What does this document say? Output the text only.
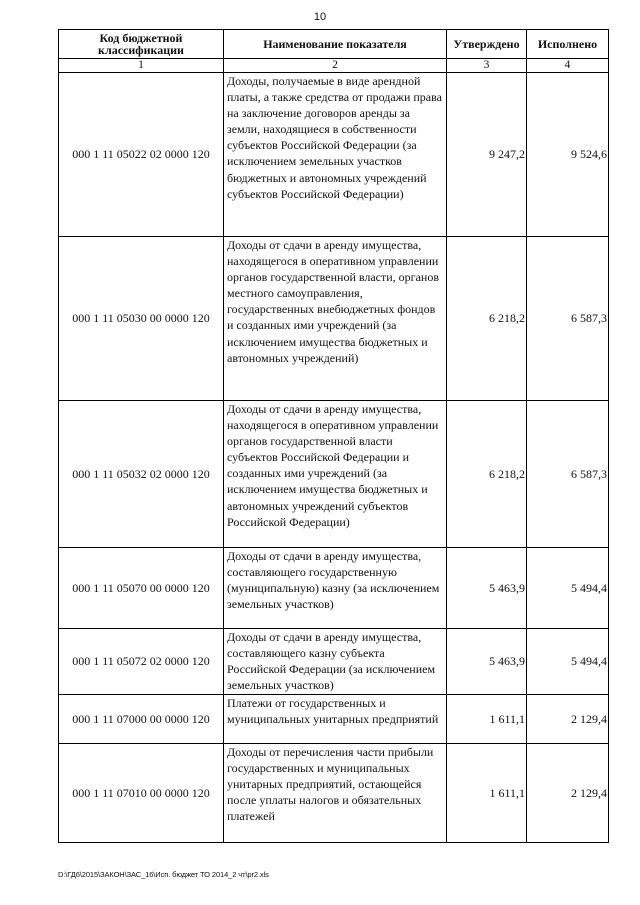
10
Код бюджетной классификации	Наименование показателя	Утверждено	Исполнено
1	2	3	4
000 1 11 05022 02 0000 120	Доходы, получаемые в виде арендной платы, а также средства от продажи права на заключение договоров аренды за земли, находящиеся в собственности субъектов Российской Федерации (за исключением земельных участков бюджетных и автономных учреждений субъектов Российской Федерации)	9 247,2	9 524,6
000 1 11 05030 00 0000 120	Доходы от сдачи в аренду имущества, находящегося в оперативном управлении органов государственной власти, органов местного самоуправления, государственных внебюджетных фондов и созданных ими учреждений (за исключением имущества бюджетных и автономных учреждений)	6 218,2	6 587,3
000 1 11 05032 02 0000 120	Доходы от сдачи в аренду имущества, находящегося в оперативном управлении органов государственной власти субъектов Российской Федерации и созданных ими учреждений (за исключением имущества бюджетных и автономных учреждений субъектов Российской Федерации)	6 218,2	6 587,3
000 1 11 05070 00 0000 120	Доходы от сдачи в аренду имущества, составляющего государственную (муниципальную) казну (за исключением земельных участков)	5 463,9	5 494,4
000 1 11 05072 02 0000 120	Доходы от сдачи в аренду имущества, составляющего казну субъекта Российской Федерации (за исключением земельных участков)	5 463,9	5 494,4
000 1 11 07000 00 0000 120	Платежи от государственных и муниципальных унитарных предприятий	1 611,1	2 129,4
000 1 11 07010 00 0000 120	Доходы от перечисления части прибыли государственных и муниципальных унитарных предприятий, остающейся после уплаты налогов и обязательных платежей	1 611,1	2 129,4
D:\ГД6\2015\ЗАКОН\ЗАС_16\Исп. бюджет ТО 2014_2 чт\pr2.xls
